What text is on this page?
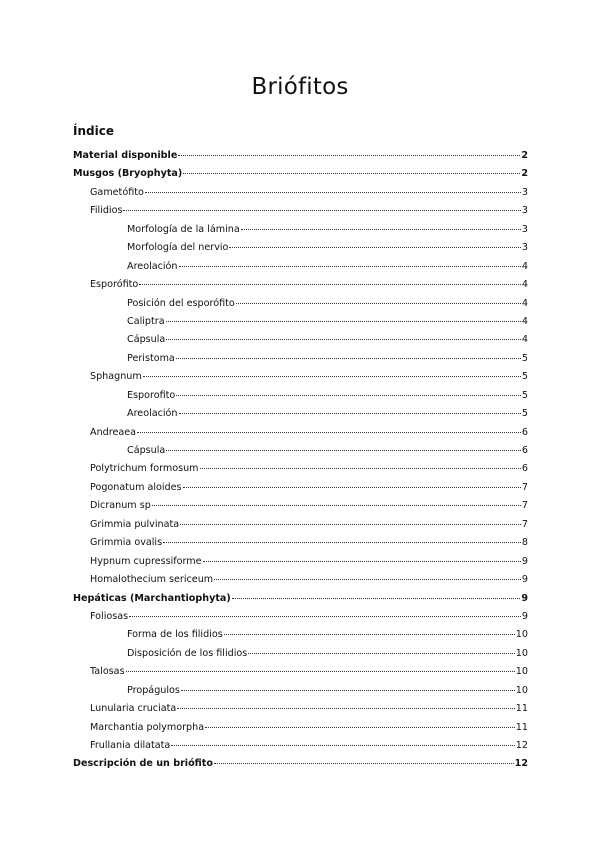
Briófitos
Índice
Material disponible	2
Musgos (Bryophyta)	2
Gametófito	3
Filidios	3
Morfología de la lámina	3
Morfología del nervio	3
Areolación	4
Esporófito	4
Posición del esporófito	4
Caliptra	4
Cápsula	4
Peristoma	5
Sphagnum	5
Esporofito	5
Areolación	5
Andreaea	6
Cápsula	6
Polytrichum formosum	6
Pogonatum aloides	7
Dicranum sp	7
Grimmia pulvinata	7
Grimmia ovalis	8
Hypnum cupressiforme	9
Homalothecium sericeum	9
Hepáticas (Marchantiophyta)	9
Foliosas	9
Forma de los filidios	10
Disposición de los filidios	10
Talosas	10
Propágulos	10
Lunularia cruciata	11
Marchantia polymorpha	11
Frullania dilatata	12
Descripción de un briófito	12
